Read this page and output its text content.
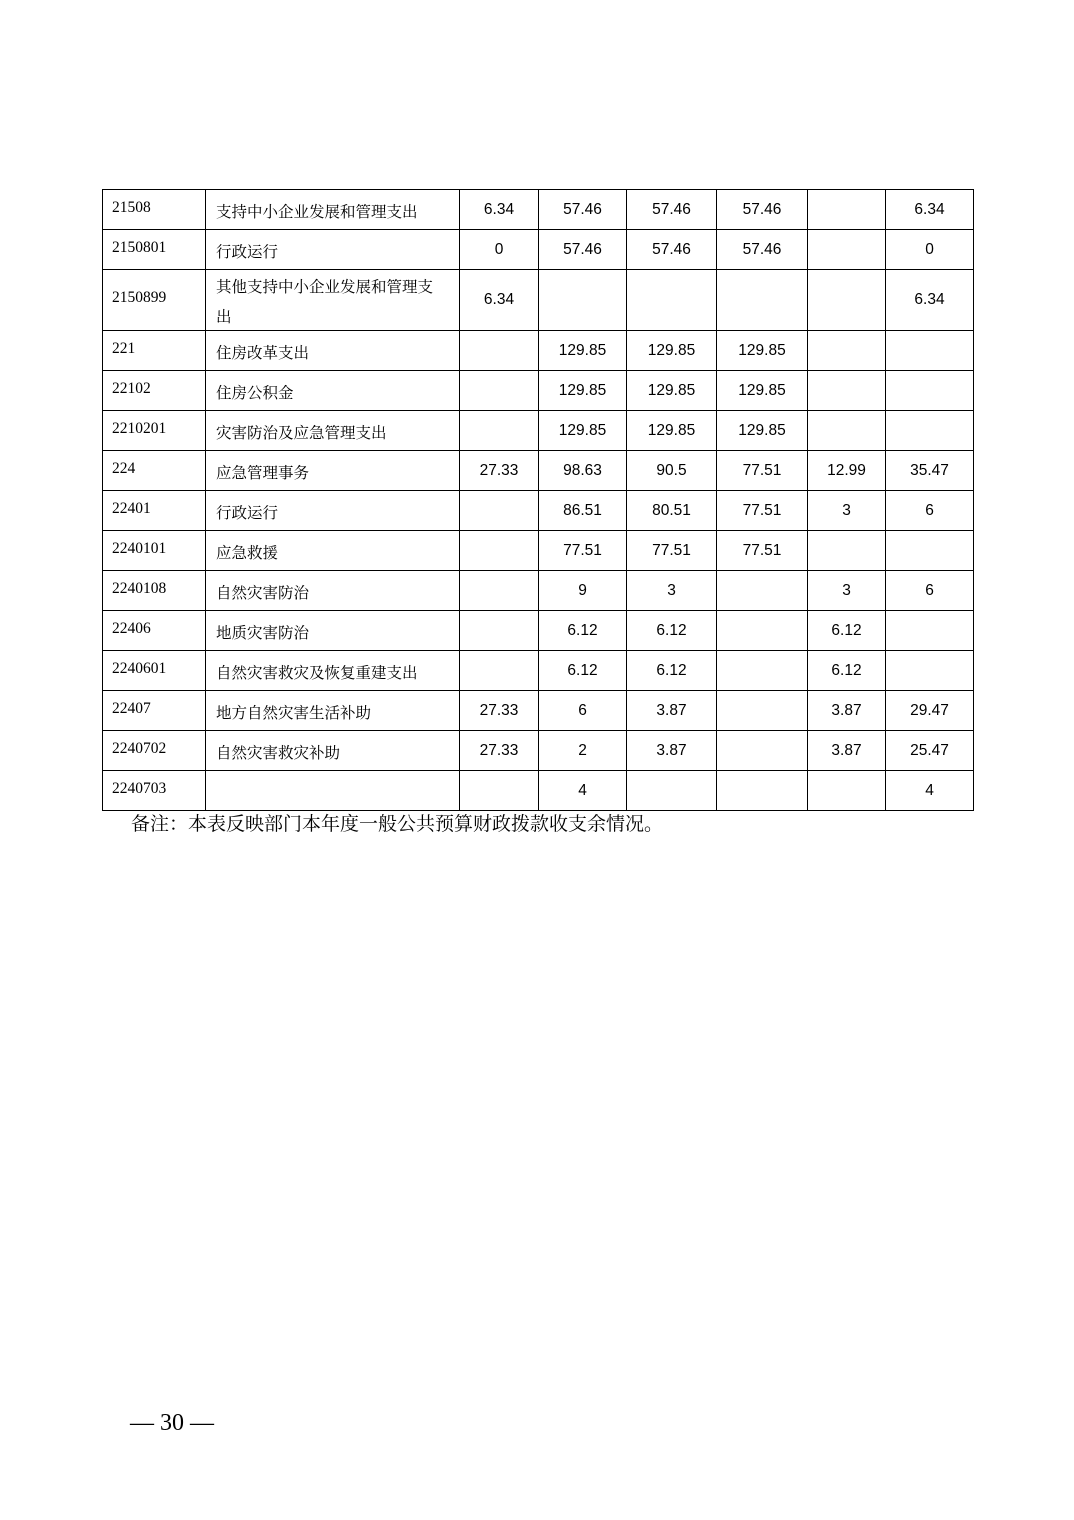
21508	支持中小企业发展和管理支出	6.34	57.46	57.46	57.46		6.34
2150801	行政运行	0	57.46	57.46	57.46		0
2150899	其他支持中小企业发展和管理支出	6.34					6.34
221	住房改革支出		129.85	129.85	129.85		
22102	住房公积金		129.85	129.85	129.85		
2210201	灾害防治及应急管理支出		129.85	129.85	129.85		
224	应急管理事务	27.33	98.63	90.5	77.51	12.99	35.47
22401	行政运行		86.51	80.51	77.51	3	6
2240101	应急救援		77.51	77.51	77.51		
2240108	自然灾害防治		9	3		3	6
22406	地质灾害防治		6.12	6.12		6.12	
2240601	自然灾害救灾及恢复重建支出		6.12	6.12		6.12	
22407	地方自然灾害生活补助	27.33	6	3.87		3.87	29.47
2240702	自然灾害救灾补助	27.33	2	3.87		3.87	25.47
2240703			4				4
备注：本表反映部门本年度一般公共预算财政拨款收支余情况。
— 30 —
